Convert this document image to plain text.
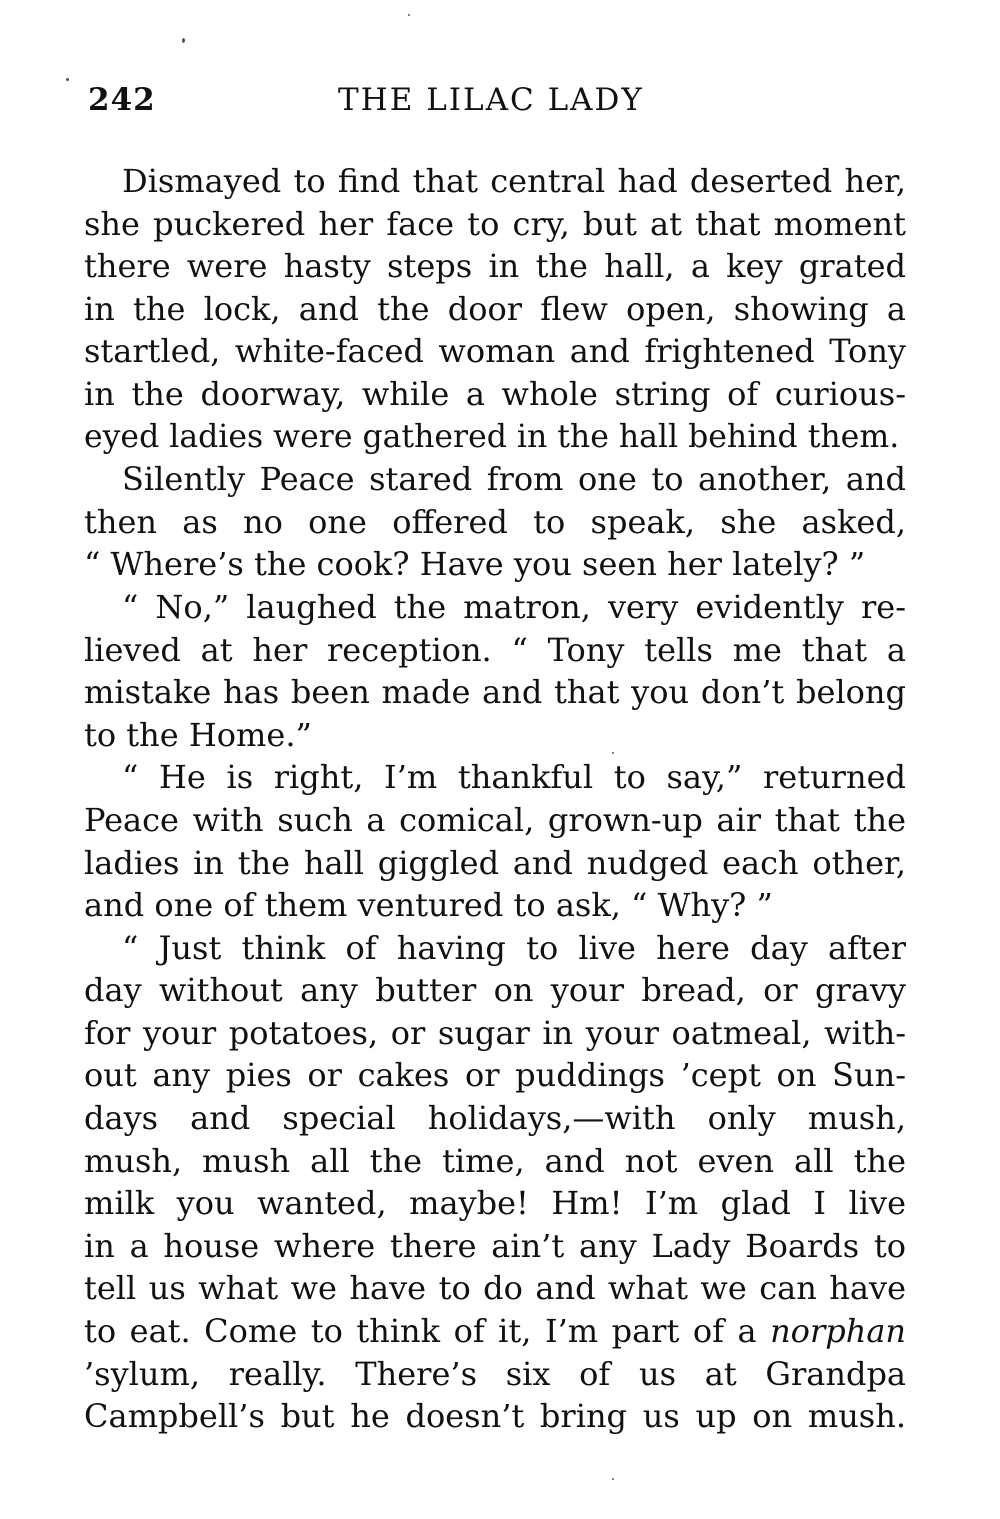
242	THE LILAC LADY
Dismayed to find that central had deserted her,
she puckered her face to cry, but at that moment
there were hasty steps in the hall, a key grated
in the lock, and the door flew open, showing a
startled, white-faced woman and frightened Tony
in the doorway, while a whole string of curious-
eyed ladies were gathered in the hall behind them.
Silently Peace stared from one to another, and
then as no one offered to speak, she asked,
“ Where’s the cook? Have you seen her lately? ”
“ No,” laughed the matron, very evidently re-
lieved at her reception. “ Tony tells me that a
mistake has been made and that you don’t belong
to the Home.”
“ He is right, I’m thankful to say,” returned
Peace with such a comical, grown-up air that the
ladies in the hall giggled and nudged each other,
and one of them ventured to ask, “ Why? ”
“ Just think of having to live here day after
day without any butter on your bread, or gravy
for your potatoes, or sugar in your oatmeal, with-
out any pies or cakes or puddings ’cept on Sun-
days and special holidays,—with only mush,
mush, mush all the time, and not even all the
milk you wanted, maybe! Hm! I’m glad I live
in a house where there ain’t any Lady Boards to
tell us what we have to do and what we can have
to eat. Come to think of it, I’m part of a norphan
’sylum, really. There’s six of us at Grandpa
Campbell’s but he doesn’t bring us up on mush.
